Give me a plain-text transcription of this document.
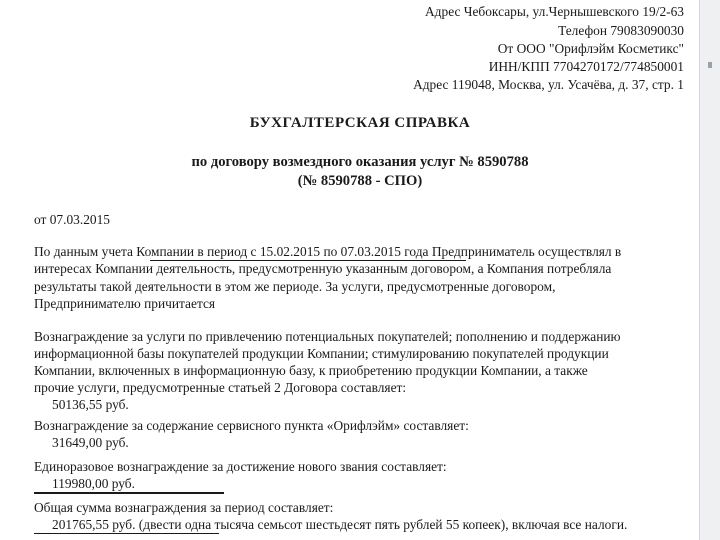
Адрес Чебоксары, ул.Чернышевского 19/2-63
Телефон 79083090030
От ООО "Орифлэйм Косметикс"
ИНН/КПП 7704270172/774850001
Адрес 119048, Москва, ул. Усачёва, д. 37, стр. 1
БУХГАЛТЕРСКАЯ СПРАВКА
по договору возмездного оказания услуг № 8590788
(№ 8590788 - СПО)
от 07.03.2015
По данным учета Компании в период с 15.02.2015 по 07.03.2015 года Предприниматель осуществлял в
интересах Компании деятельность, предусмотренную указанным договором, а Компания потребляла
результаты такой деятельности в этом же периоде. За услуги, предусмотренные договором,
Предпринимателю причитается
Вознаграждение за услуги по привлечению потенциальных покупателей; пополнению и поддержанию
информационной базы покупателей продукции Компании; стимулированию покупателей продукции
Компании, включенных в информационную базу, к приобретению продукции Компании, а также
прочие услуги, предусмотренные статьей 2 Договора составляет:
50136,55 руб.
Вознаграждение за содержание сервисного пункта «Орифлэйм» составляет:
31649,00 руб.
Единоразовое вознаграждение за достижение нового звания составляет:
119980,00 руб.
Общая сумма вознаграждения за период составляет:
201765,55 руб. (двести одна тысяча семьсот шестьдесят пять рублей 55 копеек), включая все налоги.
